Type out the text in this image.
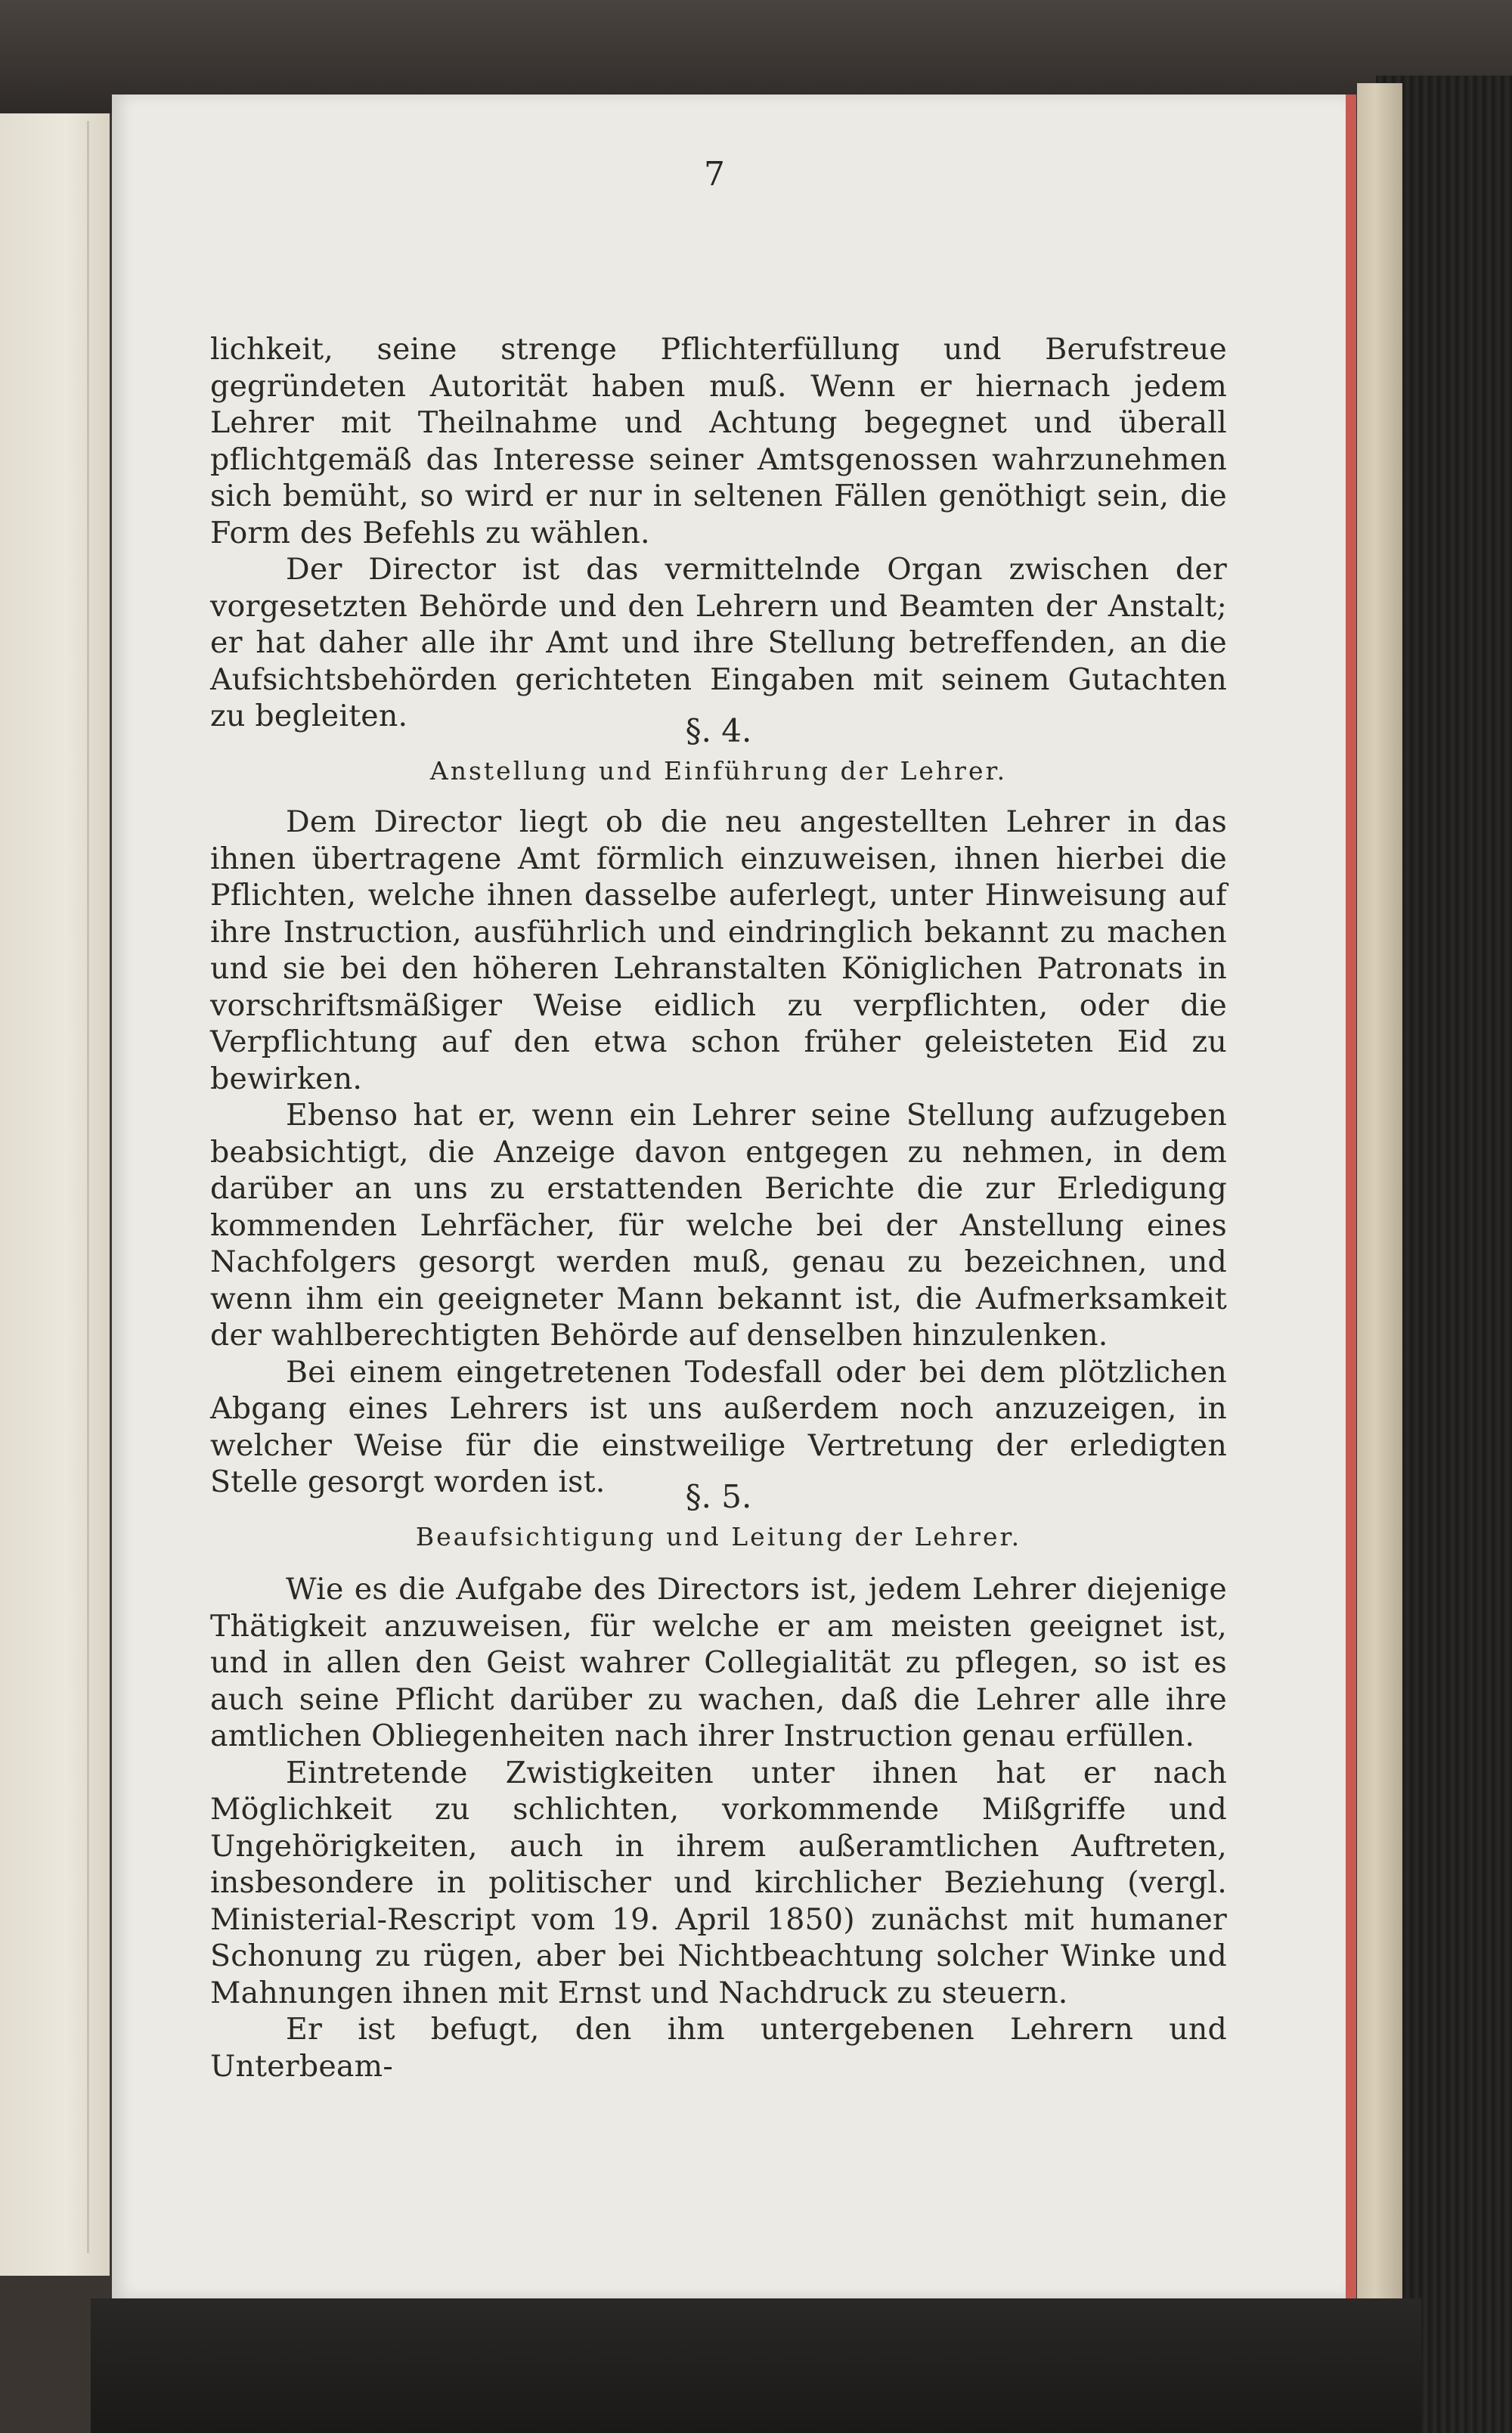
7

lichkeit, seine strenge Pflichterfüllung und Berufstreue gegründeten Autorität haben muß. Wenn er hiernach jedem Lehrer mit Theilnahme und Achtung begegnet und überall pflichtgemäß das Interesse seiner Amtsgenossen wahrzunehmen sich bemüht, so wird er nur in seltenen Fällen genöthigt sein, die Form des Befehls zu wählen.

Der Director ist das vermittelnde Organ zwischen der vorgesetzten Behörde und den Lehrern und Beamten der Anstalt; er hat daher alle ihr Amt und ihre Stellung betreffenden, an die Aufsichtsbehörden gerichteten Eingaben mit seinem Gutachten zu begleiten.	§. 4.
Anstellung und Einführung der Lehrer.

Dem Director liegt ob die neu angestellten Lehrer in das ihnen übertragene Amt förmlich einzuweisen, ihnen hierbei die Pflichten, welche ihnen dasselbe auferlegt, unter Hinweisung auf ihre Instruction, ausführlich und eindringlich bekannt zu machen und sie bei den höheren Lehranstalten Königlichen Patronats in vorschriftsmäßiger Weise eidlich zu verpflichten, oder die Verpflichtung auf den etwa schon früher geleisteten Eid zu bewirken.

Ebenso hat er, wenn ein Lehrer seine Stellung aufzugeben beabsichtigt, die Anzeige davon entgegen zu nehmen, in dem darüber an uns zu erstattenden Berichte die zur Erledigung kommenden Lehrfächer, für welche bei der Anstellung eines Nachfolgers gesorgt werden muß, genau zu bezeichnen, und wenn ihm ein geeigneter Mann bekannt ist, die Aufmerksamkeit der wahlberechtigten Behörde auf denselben hinzulenken.

Bei einem eingetretenen Todesfall oder bei dem plötzlichen Abgang eines Lehrers ist uns außerdem noch anzuzeigen, in welcher Weise für die einstweilige Vertretung der erledigten Stelle gesorgt worden ist.	§. 5.
Beaufsichtigung und Leitung der Lehrer.

Wie es die Aufgabe des Directors ist, jedem Lehrer diejenige Thätigkeit anzuweisen, für welche er am meisten geeignet ist, und in allen den Geist wahrer Collegialität zu pflegen, so ist es auch seine Pflicht darüber zu wachen, daß die Lehrer alle ihre amtlichen Obliegenheiten nach ihrer Instruction genau erfüllen.

Eintretende Zwistigkeiten unter ihnen hat er nach Möglichkeit zu schlichten, vorkommende Mißgriffe und Ungehörigkeiten, auch in ihrem außeramtlichen Auftreten, insbesondere in politischer und kirchlicher Beziehung (vergl. Ministerial-Rescript vom 19. April 1850) zunächst mit humaner Schonung zu rügen, aber bei Nichtbeachtung solcher Winke und Mahnungen ihnen mit Ernst und Nachdruck zu steuern.

Er ist befugt, den ihm untergebenen Lehrern und Unterbeam-
